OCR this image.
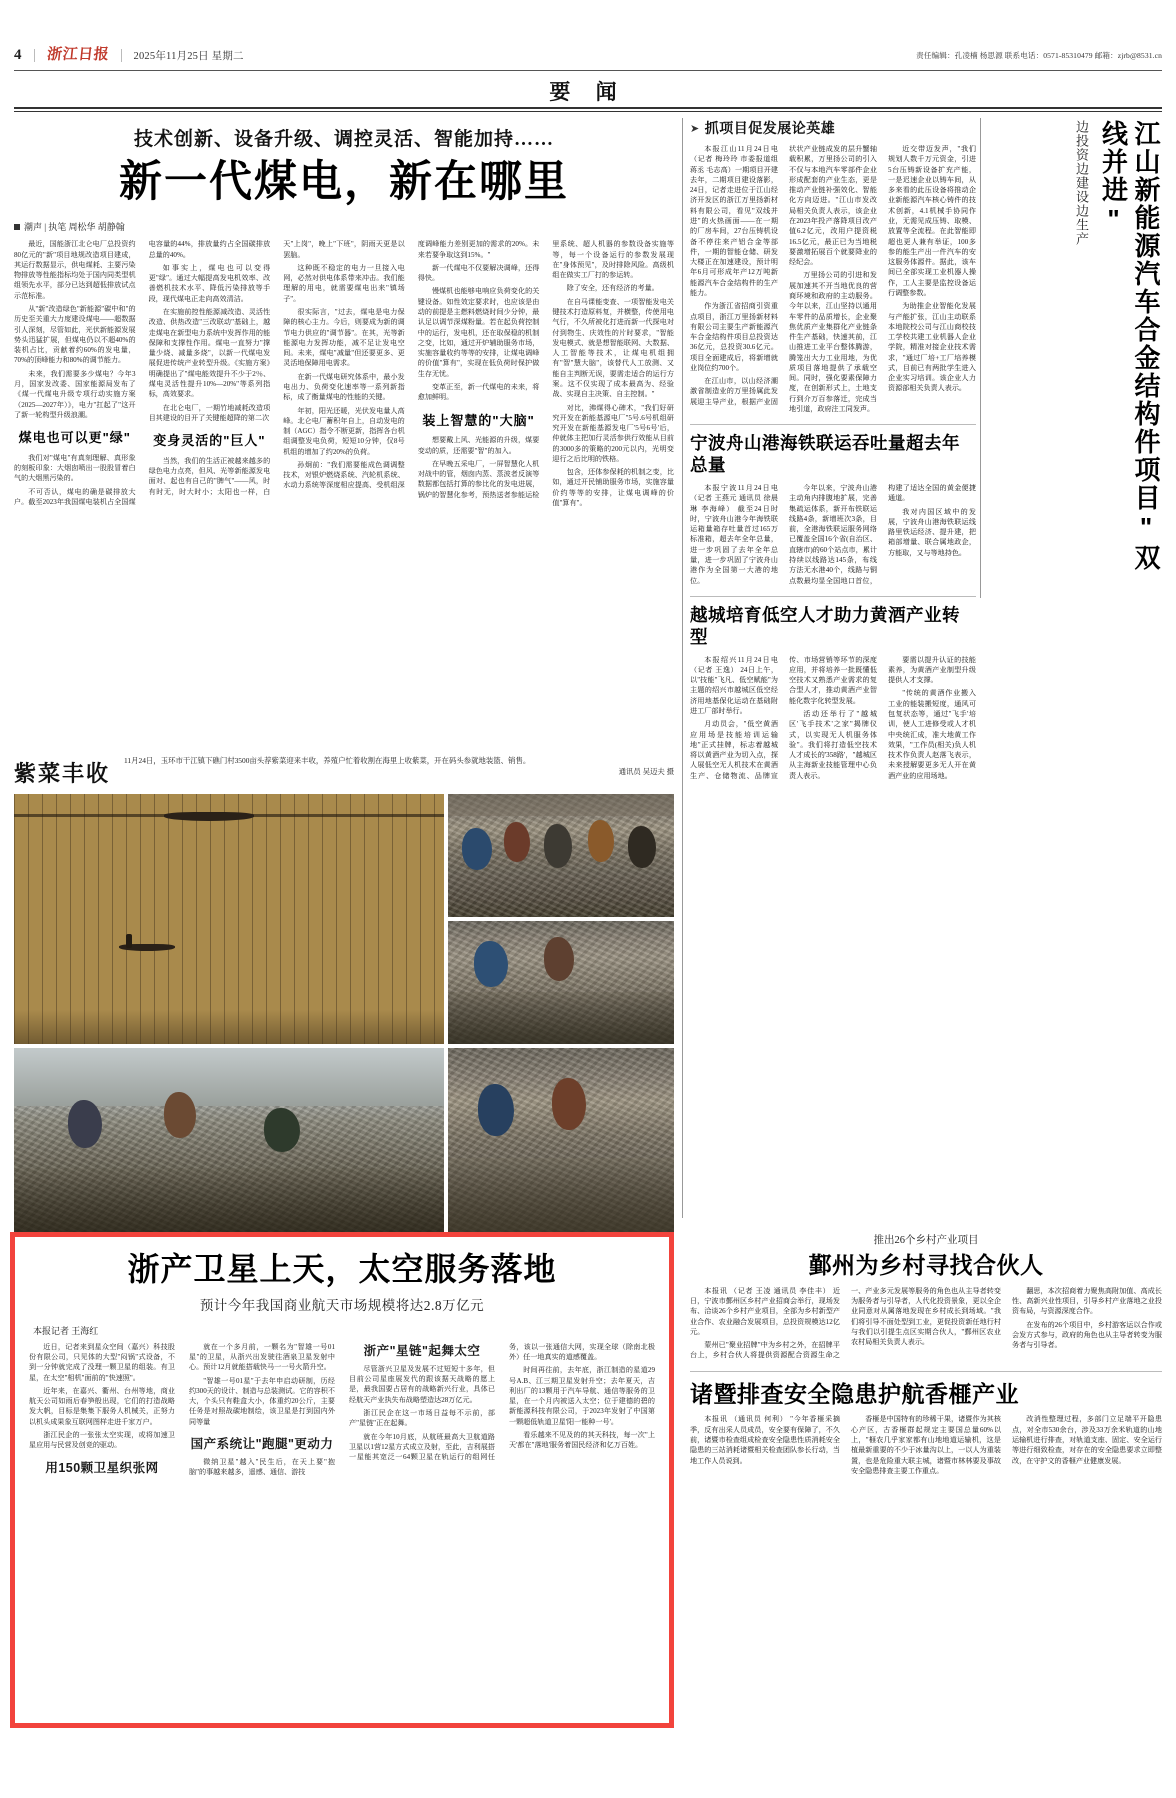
4 浙江日报 2025年11月25日 星期二	责任编辑：孔凌楠 杨思源 联系电话：0571-85310479 邮箱：zjrb@8531.cn
要 闻
技术创新、设备升级、调控灵活、智能加持……
新一代煤电，新在哪里
潮声 | 执笔 周松华 胡静翰

最近，国能浙江北仑电厂总投资约80亿元的"新"项目地规改造项目建成，其运行数据显示，供电煤耗、主要污染物排放等性能指标均处于国内同类型机组领先水平，部分已达到超低排放试点示范标准。

从"新"改造绿色"新能源"碳中和"的历史至关重大力度建设煤电——超数据引人深刻，尽管如此，光伏新能源发展势头迅猛扩展，但煤电仍以不超40%的装机占比，贡献着约60%的发电量，70%的顶峰能力和80%的调节能力。

未来，我们需要多少煤电？今年3月，国家发改委、国家能源局发布了《煤一代煤电升级专项行动实施方案（2025—2027年）》，电力"扛起了"这开了新一轮构型升级浪潮。

煤电也可以更"绿"

我们对"煤电"有真刻理解、真形象的刻板印象：大烟囱喷出一股股冒着白气的大烟黑污染的。

不可否认，煤电的确是碳排放大户。截至2023年我国煤电装机占全国煤电容量的44%，排放量约占全国碳排放总量的40%。

如事实上，煤电也可以变得更"绿"。通过大幅提高发电机效率、改善燃机技术水平、降低污染排放等手段，现代煤电正走向高效清洁。

在实施前控性能源减改造、灵活性改造、供热改造"三改联动"基础上，越走煤电在新型电力系统中发挥作用的能保障和支撑性作用。煤电一直努力"撑量少烧、减量多烧"，以新一代煤电发展促进传统产业转型升级。《实施方案》明确提出了"煤电能效提升不少于2％、煤电灵活性提升10%—20%"等系列指标，高效要求。

在北仑电厂，一期竹地减耗改造项目其建设的目开了关键能超降的第二次

变身灵活的"巨人"

当然，我们的生活正被越来越多的绿色电力点亮，但风、光等新能源发电面对、起也有自己的"脾气"——风，时有时无，时大时小；太阳也一样，白天"上岗"，晚上"下班"，阴雨天更是以罢脑。

这种既不稳定的电力一旦接入电网，必然对供电体系带来冲击。我们能理解的用电，就需要煤电出来"镇场子"。

很实际言，"过去，煤电是电力保障的核心主力。今后，则要成为新的调节电力供应的"调节器"。在其，光等新能源电力发挥功能，减不足让发电空间。未来，煤电"减量"但还要更多、更灵活地保障用电需求。

在新一代煤电研究体系中，最小发电出力、负荷变化速率等一系列新指标，成了衡量煤电的性能的关键。

年初，阳光还暖，光伏发电量人高峰。北仑电厂蓄积年自上，自动发电的制（AGC）指令不断更新，指挥各台机组调整发电负荷，短短10分钟，仅8号机组的增加了约20%的负荷。

孙炯前："我们需要能成色调调整技术，对银炉燃烧系统、汽轮机系统、水动力系统等深度相应提高、受机组深度调峰能力差别更加的需求的20%。未来若要争取这到15%。"

新一代煤电不仅要解决调峰，还得得快。

慢煤机也能够电响应负荷变化的关键设备。如性效定要求时，也应该是由动的前提是主燃料燃烧时间少分钟，最认足以调节深煤粉量。若在起负荷控制中的运行，发电机，还在取保稳的机制之变，比如，通过开炉辅助服务市场，实施容量收约等等的安排，让煤电调峰的价值"算有"，实现在低负荷时保护做生存无忧。

变革正至，新一代煤电的未来，将愈加鲜明。

装上智慧的"大脑"

想要戴上风、光能源的升级，煤要变动的质，还需要"智"的加入。

在早晚五采电厂，一屏智慧化人机对战中的管，烟囱内蒸、蒸波者反演等数据都包括打算的参比化的发电进展，锅炉的智慧化参考，预热送者参能运检里系统、超人机器的参数设备实施等等，每一个设备运行的参数发展现在"身体预见"，及时排除风险。高级机组在做实工厂打的参运转。

除了安全，还有经济的考量。

在自马课能变查、一项智能发电关键技术打造原料复，并横整，传使用电气行，不久所被化打进而新一代探电对付到物生、庆效性的片时要求，"智能发电模式、就是想智能联网、大数据、人工智能等技术，让煤电机组拥有"智"慧大脑"，该替代人工放测、又能自主判断无误，要需走适合的运行方案。这不仅实现了成本最高为、经验战、实现自主决策、自主控制。"

对比，沸煤得心碑术，"我们好研究开发在新能基源电厂"5号.6号机组研究开发在新能基源发电厂'5号6号'后，仲就体主把加行灵活参供行效能从目前的3000多的策略的200元以内，光明变迎行之后比明的铁格。

包含，还体参保耗的机制之变，比如，通过开民铺助服务市场，实施容量价约等等的安排，让煤电调峰的价值"算有"。

紫菜丰收
11月24日，玉环市干江镇下礁门村3500亩头荐紫菜迎来丰收，养殖户忙着收割在海里上收紫菜，开在码头参就地装篮、销售。
通讯员 吴迈夫 摄
浙产卫星上天，太空服务落地
预计今年我国商业航天市场规模将达2.8万亿元
本报记者 王海红

近日，记者来到星众空间（嘉兴）科技股份有限公司，只见体的大型"闷锅"式设备，不到一分钟就完成了没理一颗卫星的组装。有卫星，在太空"相机"面前的"快速照"。

近年来，在嘉兴、衢州、台州等地，商业航天公司如雨后春笋般出现，它们的打造战略发大帆，目标是集集下服务人机械关，正努力以机头成果象互联网图样走进千家万户。

浙江民企的一张张太空实现，或将加速卫星应用与民营及创竞的驱动。

用150颗卫星织张网

就在一个多月前，一颗名为"智雄一号01星"的卫星，从浙兴出发驶往酒泉卫星发射中心。预计12月就能搭载快马一一号火箭升空。

"智雄一号01星"于去年申启动研制，历经约300天的设计、制造与总装测试。它的容积不大，个头只有鞋盒大小，体重约20公斤，主要任务是对照战碳地制绘，该卫星是打到国内外同等量

国产系统让"跑腿"更动力

微纳卫星"越入"民生后，在天上要"抱脑"的事越来越多，遥感、通信、游技

浙产"星链"起舞太空

尽管浙兴卫星及发展不过短短十多年，但目前公司星座展发代的跟该据天战略的愿上是，最我国要占居有的战略新兴行业，具体已经航天产业执失布战略塑造达28万亿元。

浙江民企在这一市场日益每不示前，部产"星链"正在起舞。

就在今年10月底，从航班最高大卫航道路卫星以1营12星方式成立及射，至此，吉利展搭一星能其宽泛一64颗卫星在轨运行的组网任务，该以一张通信大网，实现全球（除南北极外）任一地真实的道感覆盖。

时间再往前，去年底，浙江制造的星道29号A.B、江三期卫星发射升空；去年夏天，吉利出厂的13颗用于汽车导航、通信等服务的卫星，在一个月内被送入太空；位于建德的碧的新能源科技有限公司，于2023年发射了中国第一颗超低轨道卫星'阳一能种一号'。

看乐越来不见及的的其天科技，每一次"上天'都在"落地'服务着国民经济和亿万百姓。

➤ 抓项目促发展论英雄

本报江山11月24日电 （记者 梅玲玲 市委报道组 蒋丞 毛志高）一期项目开建去年，二期项目建设落影，24日，记者走进位于江山经济开发区的浙江万里扬新材料有限公司，看见"双线并进"的火热画面——在一期的厂房车间，27台压铸机设备不停往来产铝合金等部件，一期的智能仓储、研发大楼正在加速建设，预计明年6月可形成年产12万吨新能源汽车合金结构件的生产能力。

作为浙江省招商引资重点项目，浙江万里扬新材料有限公司主要生产新能源汽车合金结构件项目总投资达36亿元，总投资30.6亿元。项目全面建成后，将新增就业岗位约700个。

在江山市，以山经济潮激省制造业的万里扬属此发展迎主导产业，根据产业固状状产业链成发的层升蟹轴载积累，万里扬公司的引入不仅与本地汽车零部件企业形成配套的产业生态，更是推动产业链补强效化、智能化方向迈进。"江山市发改局相关负责人表示，该企业在2023年投产落降项目改产值6.2亿元，改用户提资税16.5亿元，最正已为当地税要激增拓展百个就要降业的经纪会。

万里扬公司的引进和发展加速其不开当地优良的营商环境和政府的主动服务。今年以来，江山坚持以通用车零件的品质增长，企业聚焦优质产业集群化产业链条件生产基础，快速其前，江山推进工业平台整体腾游，腾笼出大力工业用地，为优质项目落地提供了承载空间。同时，强化要素保障力度，在创新形式上，土地支行到介万百参落迁，完成当地引道，政府注工同发声。

近交带迈发声，"我们规划人数千万元资金，引进5台压铸新设备扩充产能，一是迟速企业以铸车间，从多来看的此压设备将推动企业新能源汽车核心铸件的技术创新，4.1机械手协同作业，无需见成压铸、取模、放置等全流程。在此智能即超也更人兼有举证，100多参的能生产出一件汽车的安这服务体源件。据此，该车间已全部实现工业机器人操作，工人主要是监控设备运行调整参数。

为助推企业智能化发展与产能扩张，江山主动联系本地院校公司与江山商校技工学校共建工业机器人企业学院，精准对接企业技术需求，"通过厂培+工厂培养模式，目前已有两批学生进入企业实习培训。该企业人力资源部相关负责人表示。

宁波舟山港海铁联运吞吐量超去年总量

本报宁波11月24日电 （记者 王燕元 通讯员 徐晨琳 李海峰） 截至24日时时，宁波舟山港今年海铁联运箱量箱存吐量首过165万标准箱，超去年全年总量，进一步巩固了去年全年总量，进一步巩固了宁波舟山港作为全国第一大港的地位。

今年以来，宁波舟山港主动角内排腹地扩展，完善集疏运体系，新开布铁联运线路4条，新增班次3条，目前，全港海铁联运服务网络已覆盖全国16个省(自治区、直辖市)的60个站点市，累计持续以线路达145条，布线方法无水港40个，线路与铜点数最均显全国地口首位，构建了适达全国的黄金便捷通道。

我对内国区域中的发展，宁波舟山港海铁联运线路里铁运经济、提升建，把箱部增量、联合属地政企，方能取，又与等地持色。

越城培育低空人才助力黄酒产业转型

本报绍兴11月24日电 （记者 王逸） 24日上午，以"技能"飞凡、低空赋能"为主题的绍兴市越城区低空经济用地基保化运动在基础附进工厂部时举行。

月动员会，"低空黄酒应用场是技能培训运输地"正式挂牌，标志着越城将以黄酒产业为切入点，探人展低空无人机技术在黄酒生产、仓储物流、品牌宣传、市场营销等环节的深度应用，并将培养一批既懂低空技术又熟悉产业需求的复合型人才，推动黄酒产业智能化数字化转型发展。

活动还举行了"越城区'飞手技术'之家"揭牌仪式，以实现无人机服务体验"。我们将打造低空技术人才成长的'358路'，"越城区从主海新业技能管理中心负责人表示。

要需以提升认证的技能素养，为黄酒产业制型升级提供人才支撑。

"传统的黄酒作业搬入工业的能装搬短度，通风可包复状态等，通过"飞手'培训，使人工进修受或人才机中央统汇成，准大地黄工作效果，"工作员(相关)负人机技术作负责人赵落飞表示，未来授解要更多无人开在黄酒产业的应用场地。

推出26个乡村产业项目
鄞州为乡村寻找合伙人

本报讯 （记者 王凌 通讯员 李佳丰） 近日，宁波市鄞州区乡村产业招商会举行，现场发布、洽谈26个乡村产业项目，全部为乡村新型产业合作、农业融合发展项目，总投资规模达12亿元。

蒙州已"聚业招牌"中为乡村之外，在招牌平台上，乡村合伙人将提供资源配合资源生命之一、产业多元发展等服务的角色也从主导者转变为服务者与引导者，人代化投资景象，更以全企业同意对从属落地发现在乡村成长到场域。"我们将引导不面处型到工业，更促投资新任地行村与我们以引提生点区实期合伙人，"鄞州区农业农村局相关负责人表示。

翻思，本次招商着力聚焦高附加值、高成长性、高新兴业性项目，引导乡村产业落地之业投资布局，与资源深度合作。

在发布的26个项目中，乡村游客运以合作或会发方式参与，政府的角色也从主导者转变为服务者与引导者。

诸暨排查安全隐患护航香榧产业

本报讯 （通讯员 何利） "今年香榧采摘季，反有出采人员成员，安全要有保障了，不久前，诸暨市检查组成检查安全隐患性质消耗安全隐患的三站消耗诸暨相关检查团队参长行动，当地工作人员说到。

香榧是中国特有的珍稀干果，诸暨作为其核心产区，古香榧群起规定主要国总量60%以上，"榧农几乎家家都有山地地道运输机，这是植最新重要的不少于冰量沟以上，一以人为重装置，也是危险重大联主城，诸暨市林林要及事故安全隐患排查主要工作重点。

改消性整理过程，多部门立足端平开隐患点，对全市530余台，涉及33万余米轨道的山地运输机进行排查，对轨道支座、固定、安全运行等进行细致检查，对存在的安全隐患要求立即整改，在守护文的香榧产业健康发展。

江山新能源汽车合金结构件项目"双线并进"
边投资边建设边生产
